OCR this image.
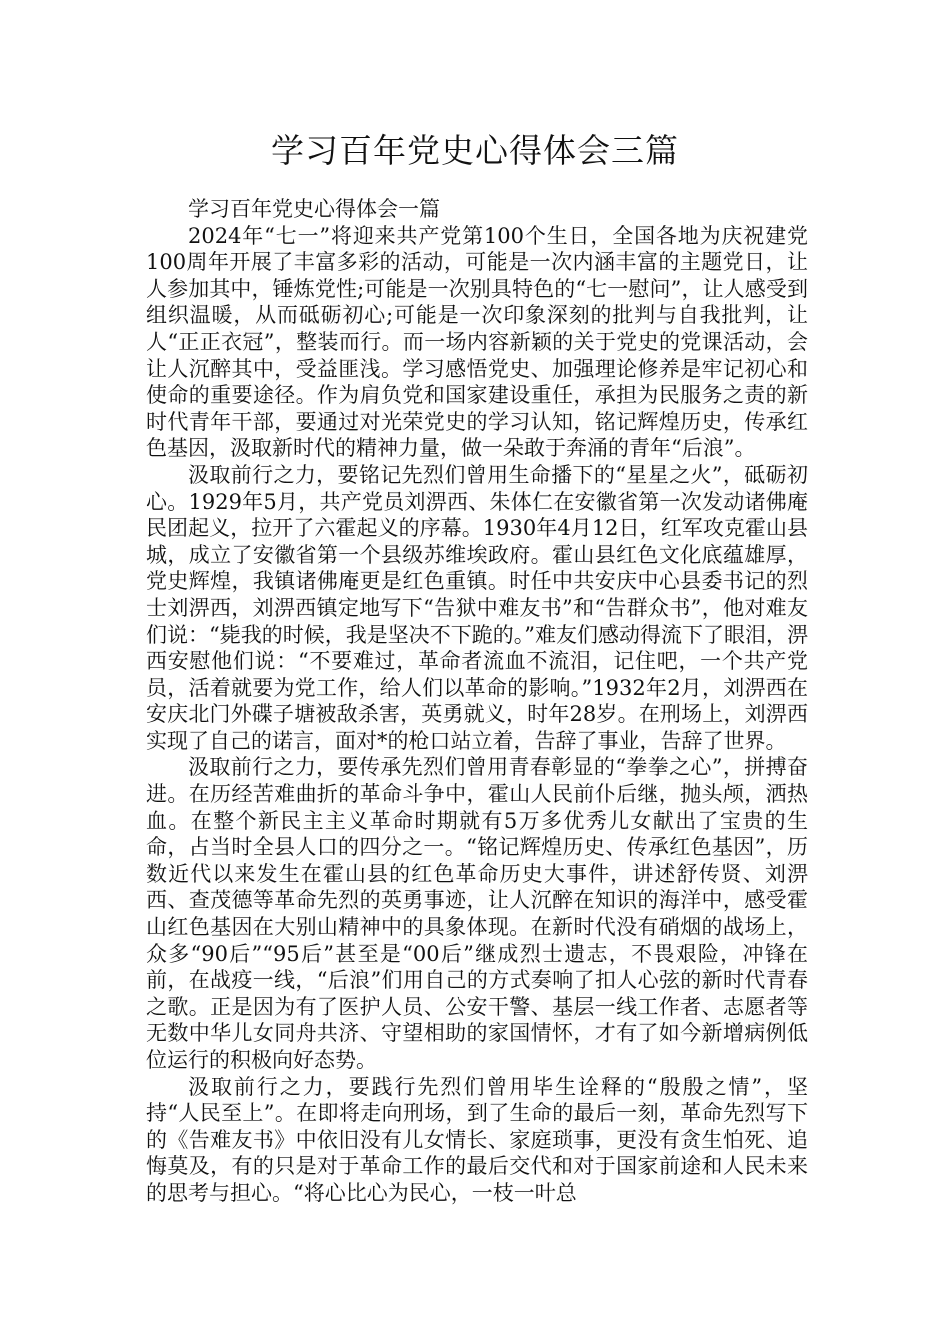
学习百年党史心得体会三篇

学习百年党史心得体会一篇

2024年“七一”将迎来共产党第100个生日，全国各地为庆祝建党100周年开展了丰富多彩的活动，可能是一次内涵丰富的主题党日，让人参加其中，锤炼党性;可能是一次别具特色的“七一慰问”，让人感受到组织温暖，从而砥砺初心;可能是一次印象深刻的批判与自我批判，让人“正正衣冠”，整装而行。而一场内容新颖的关于党史的党课活动，会让人沉醉其中，受益匪浅。学习感悟党史、加强理论修养是牢记初心和使命的重要途径。作为肩负党和国家建设重任，承担为民服务之责的新时代青年干部，要通过对光荣党史的学习认知，铭记辉煌历史，传承红色基因，汲取新时代的精神力量，做一朵敢于奔涌的青年“后浪”。

汲取前行之力，要铭记先烈们曾用生命播下的“星星之火”，砥砺初心。1929年5月，共产党员刘淠西、朱体仁在安徽省第一次发动诸佛庵民团起义，拉开了六霍起义的序幕。1930年4月12日，红军攻克霍山县城，成立了安徽省第一个县级苏维埃政府。霍山县红色文化底蕴雄厚，党史辉煌，我镇诸佛庵更是红色重镇。时任中共安庆中心县委书记的烈士刘淠西，刘淠西镇定地写下“告狱中难友书”和“告群众书”，他对难友们说：“毙我的时候，我是坚决不下跪的。”难友们感动得流下了眼泪，淠西安慰他们说：“不要难过，革命者流血不流泪，记住吧，一个共产党员，活着就要为党工作，给人们以革命的影响。”1932年2月，刘淠西在安庆北门外碟子塘被敌杀害，英勇就义，时年28岁。在刑场上，刘淠西实现了自己的诺言，面对*的枪口站立着，告辞了事业，告辞了世界。

汲取前行之力，要传承先烈们曾用青春彰显的“拳拳之心”，拼搏奋进。在历经苦难曲折的革命斗争中，霍山人民前仆后继，抛头颅，洒热血。在整个新民主主义革命时期就有5万多优秀儿女献出了宝贵的生命，占当时全县人口的四分之一。“铭记辉煌历史、传承红色基因”，历数近代以来发生在霍山县的红色革命历史大事件，讲述舒传贤、刘淠西、查茂德等革命先烈的英勇事迹，让人沉醉在知识的海洋中，感受霍山红色基因在大别山精神中的具象体现。在新时代没有硝烟的战场上，众多“90后”“95后”甚至是“00后”继成烈士遗志，不畏艰险，冲锋在前，在战疫一线，“后浪”们用自己的方式奏响了扣人心弦的新时代青春之歌。正是因为有了医护人员、公安干警、基层一线工作者、志愿者等无数中华儿女同舟共济、守望相助的家国情怀，才有了如今新增病例低位运行的积极向好态势。

汲取前行之力，要践行先烈们曾用毕生诠释的“殷殷之情”，坚持“人民至上”。在即将走向刑场，到了生命的最后一刻，革命先烈写下的《告难友书》中依旧没有儿女情长、家庭琐事，更没有贪生怕死、追悔莫及，有的只是对于革命工作的最后交代和对于国家前途和人民未来的思考与担心。“将心比心为民心，一枝一叶总
